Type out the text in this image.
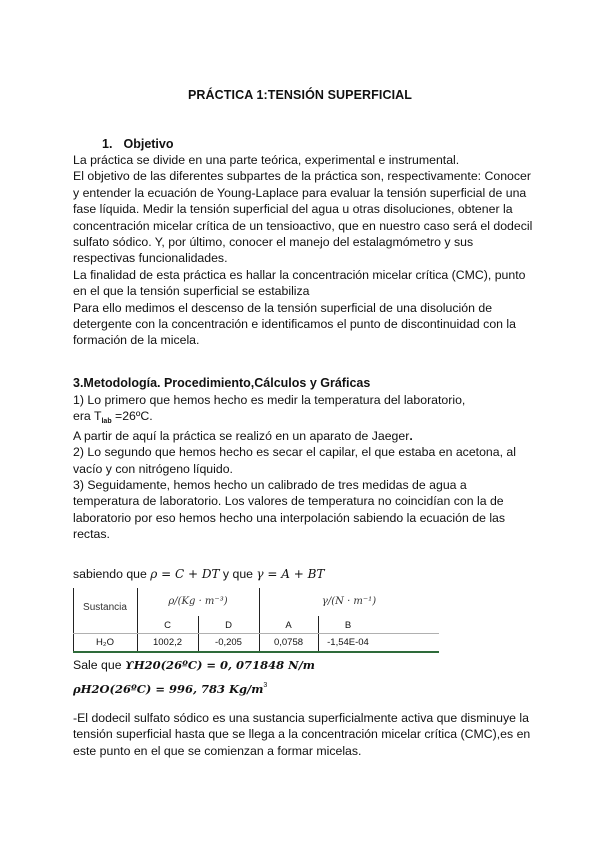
PRÁCTICA 1:TENSIÓN SUPERFICIAL
1. Objetivo
La práctica se divide en una parte teórica, experimental e instrumental.
El objetivo de las diferentes subpartes de la práctica son, respectivamente: Conocer
y entender la ecuación de Young-Laplace para evaluar la tensión superficial de una
fase líquida. Medir la tensión superficial del agua u otras disoluciones, obtener la
concentración micelar crítica de un tensioactivo, que en nuestro caso será el dodecil
sulfato sódico. Y, por último, conocer el manejo del estalagmómetro y sus
respectivas funcionalidades.
La finalidad de esta práctica es hallar la concentración micelar crítica (CMC), punto
en el que la tensión superficial se estabiliza
Para ello medimos el descenso de la tensión superficial de una disolución de
detergente con la concentración e identificamos el punto de discontinuidad con la
formación de la micela.
3.Metodología. Procedimiento,Cálculos y Gráficas
1) Lo primero que hemos hecho es medir la temperatura del laboratorio,
era $T_{lab}$ =26ºC.
A partir de aquí la práctica se realizó en un aparato de Jaeger.
2) Lo segundo que hemos hecho es secar el capilar, el que estaba en acetona, al
vacío y con nitrógeno líquido.
3) Seguidamente, hemos hecho un calibrado de tres medidas de agua a
temperatura de laboratorio. Los valores de temperatura no coincidían con la de
laboratorio por eso hemos hecho una interpolación sabiendo la ecuación de las
rectas.
sabiendo que ρ = C + DT y que γ = A + BT
Sustancia
ρ/(Kg · m⁻³)	γ/(N · m⁻¹)
C	D	A	B
H₂O	1002,2	-0,205	0,0758	-1,54E-04
Sale que ϒH20(26ºC) = 0, 071848 N/m
ρH2O(26ºC) = 996, 783 $Kg/m^3$
-El dodecil sulfato sódico es una sustancia superficialmente activa que disminuye la
tensión superficial hasta que se llega a la concentración micelar crítica (CMC),es en
este punto en el que se comienzan a formar micelas.
